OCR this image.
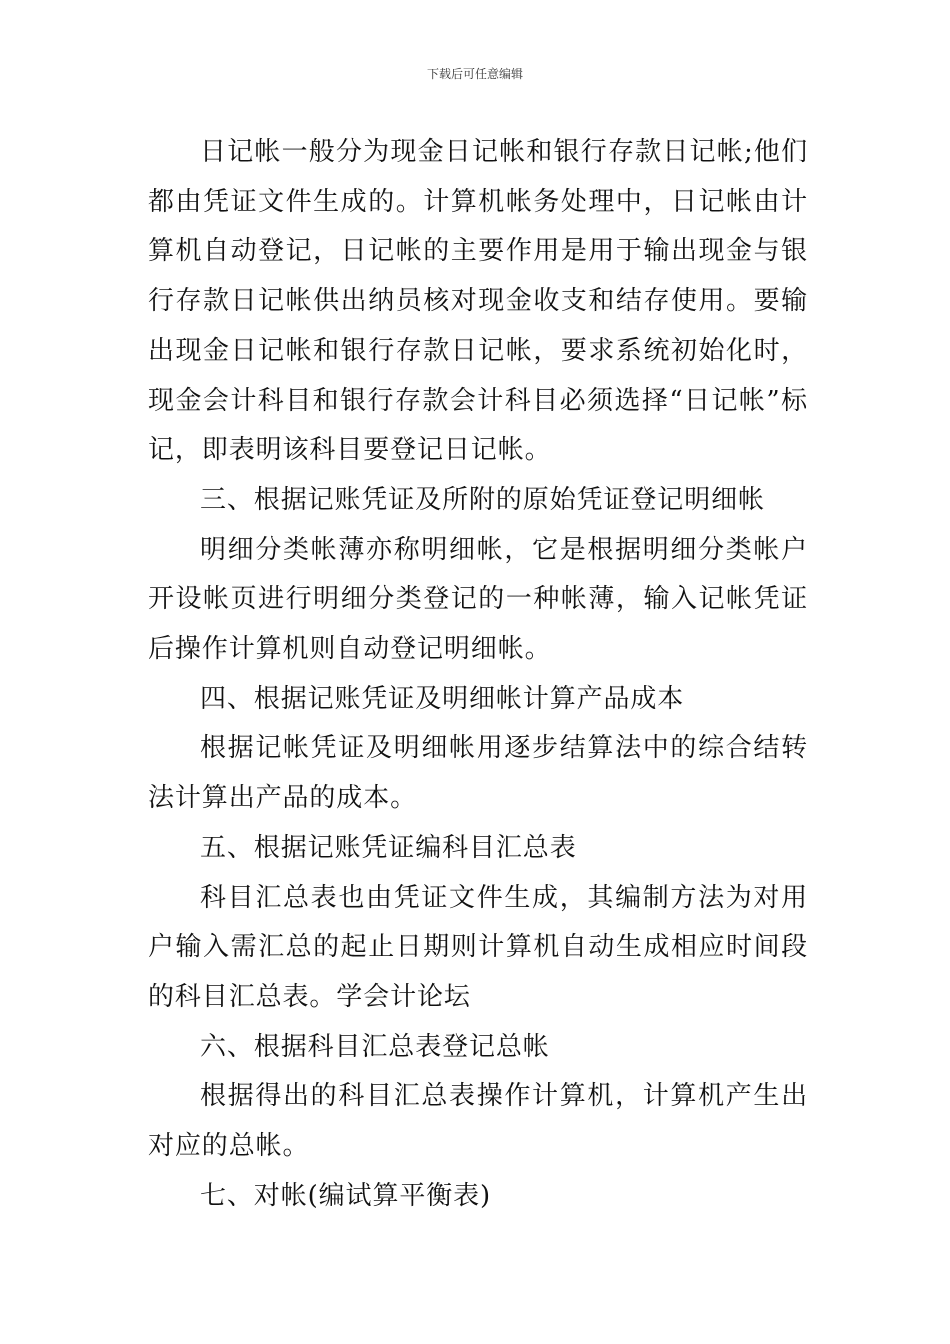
下载后可任意编辑

日记帐一般分为现金日记帐和银行存款日记帐;他们都由凭证文件生成的。计算机帐务处理中，日记帐由计算机自动登记，日记帐的主要作用是用于输出现金与银行存款日记帐供出纳员核对现金收支和结存使用。要输出现金日记帐和银行存款日记帐，要求系统初始化时，现金会计科目和银行存款会计科目必须选择“日记帐”标记，即表明该科目要登记日记帐。

三、根据记账凭证及所附的原始凭证登记明细帐

明细分类帐薄亦称明细帐，它是根据明细分类帐户开设帐页进行明细分类登记的一种帐薄，输入记帐凭证后操作计算机则自动登记明细帐。

四、根据记账凭证及明细帐计算产品成本

根据记帐凭证及明细帐用逐步结算法中的综合结转法计算出产品的成本。

五、根据记账凭证编科目汇总表

科目汇总表也由凭证文件生成，其编制方法为对用户输入需汇总的起止日期则计算机自动生成相应时间段的科目汇总表。学会计论坛

六、根据科目汇总表登记总帐

根据得出的科目汇总表操作计算机，计算机产生出对应的总帐。

七、对帐(编试算平衡表)
